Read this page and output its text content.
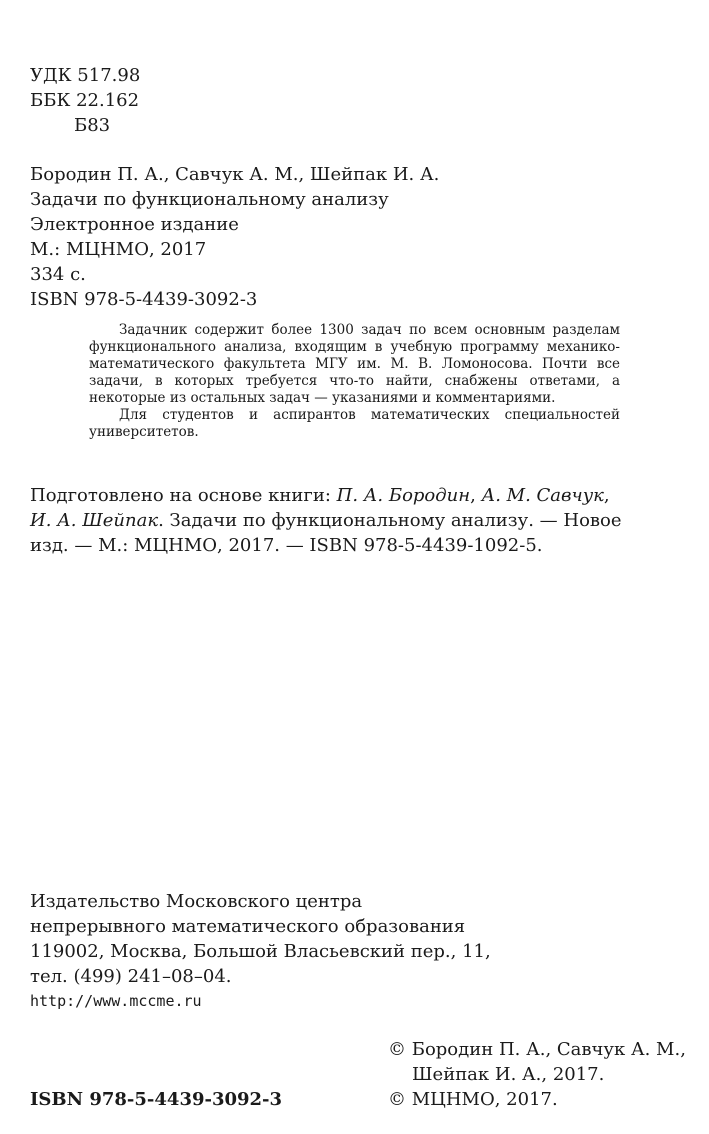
УДК 517.98
ББК 22.162
Б83
Бородин П. А., Савчук А. М., Шейпак И. А.
Задачи по функциональному анализу
Электронное издание
М.: МЦНМО, 2017
334 с.
ISBN 978-5-4439-3092-3

Задачник содержит более 1300 задач по всем основным разделам функционального анализа, входящим в учебную программу механико-математического факультета МГУ им. М. В. Ломоносова. Почти все задачи, в которых требуется что-то найти, снабжены ответами, а некоторые из остальных задач — указаниями и комментариями.

Для студентов и аспирантов математических специальностей университетов.

Подготовлено на основе книги: П. А. Бородин, А. М. Савчук,
И. А. Шейпак. Задачи по функциональному анализу. — Новое
изд. — М.: МЦНМО, 2017. — ISBN 978-5-4439-1092-5.
Издательство Московского центра
непрерывного математического образования
119002, Москва, Большой Власьевский пер., 11,
тел. (499) 241–08–04.
http://www.mccme.ru
ISBN 978-5-4439-3092-3
© Бородин П. А., Савчук А. М.,
Шейпак И. А., 2017.
© МЦНМО, 2017.
